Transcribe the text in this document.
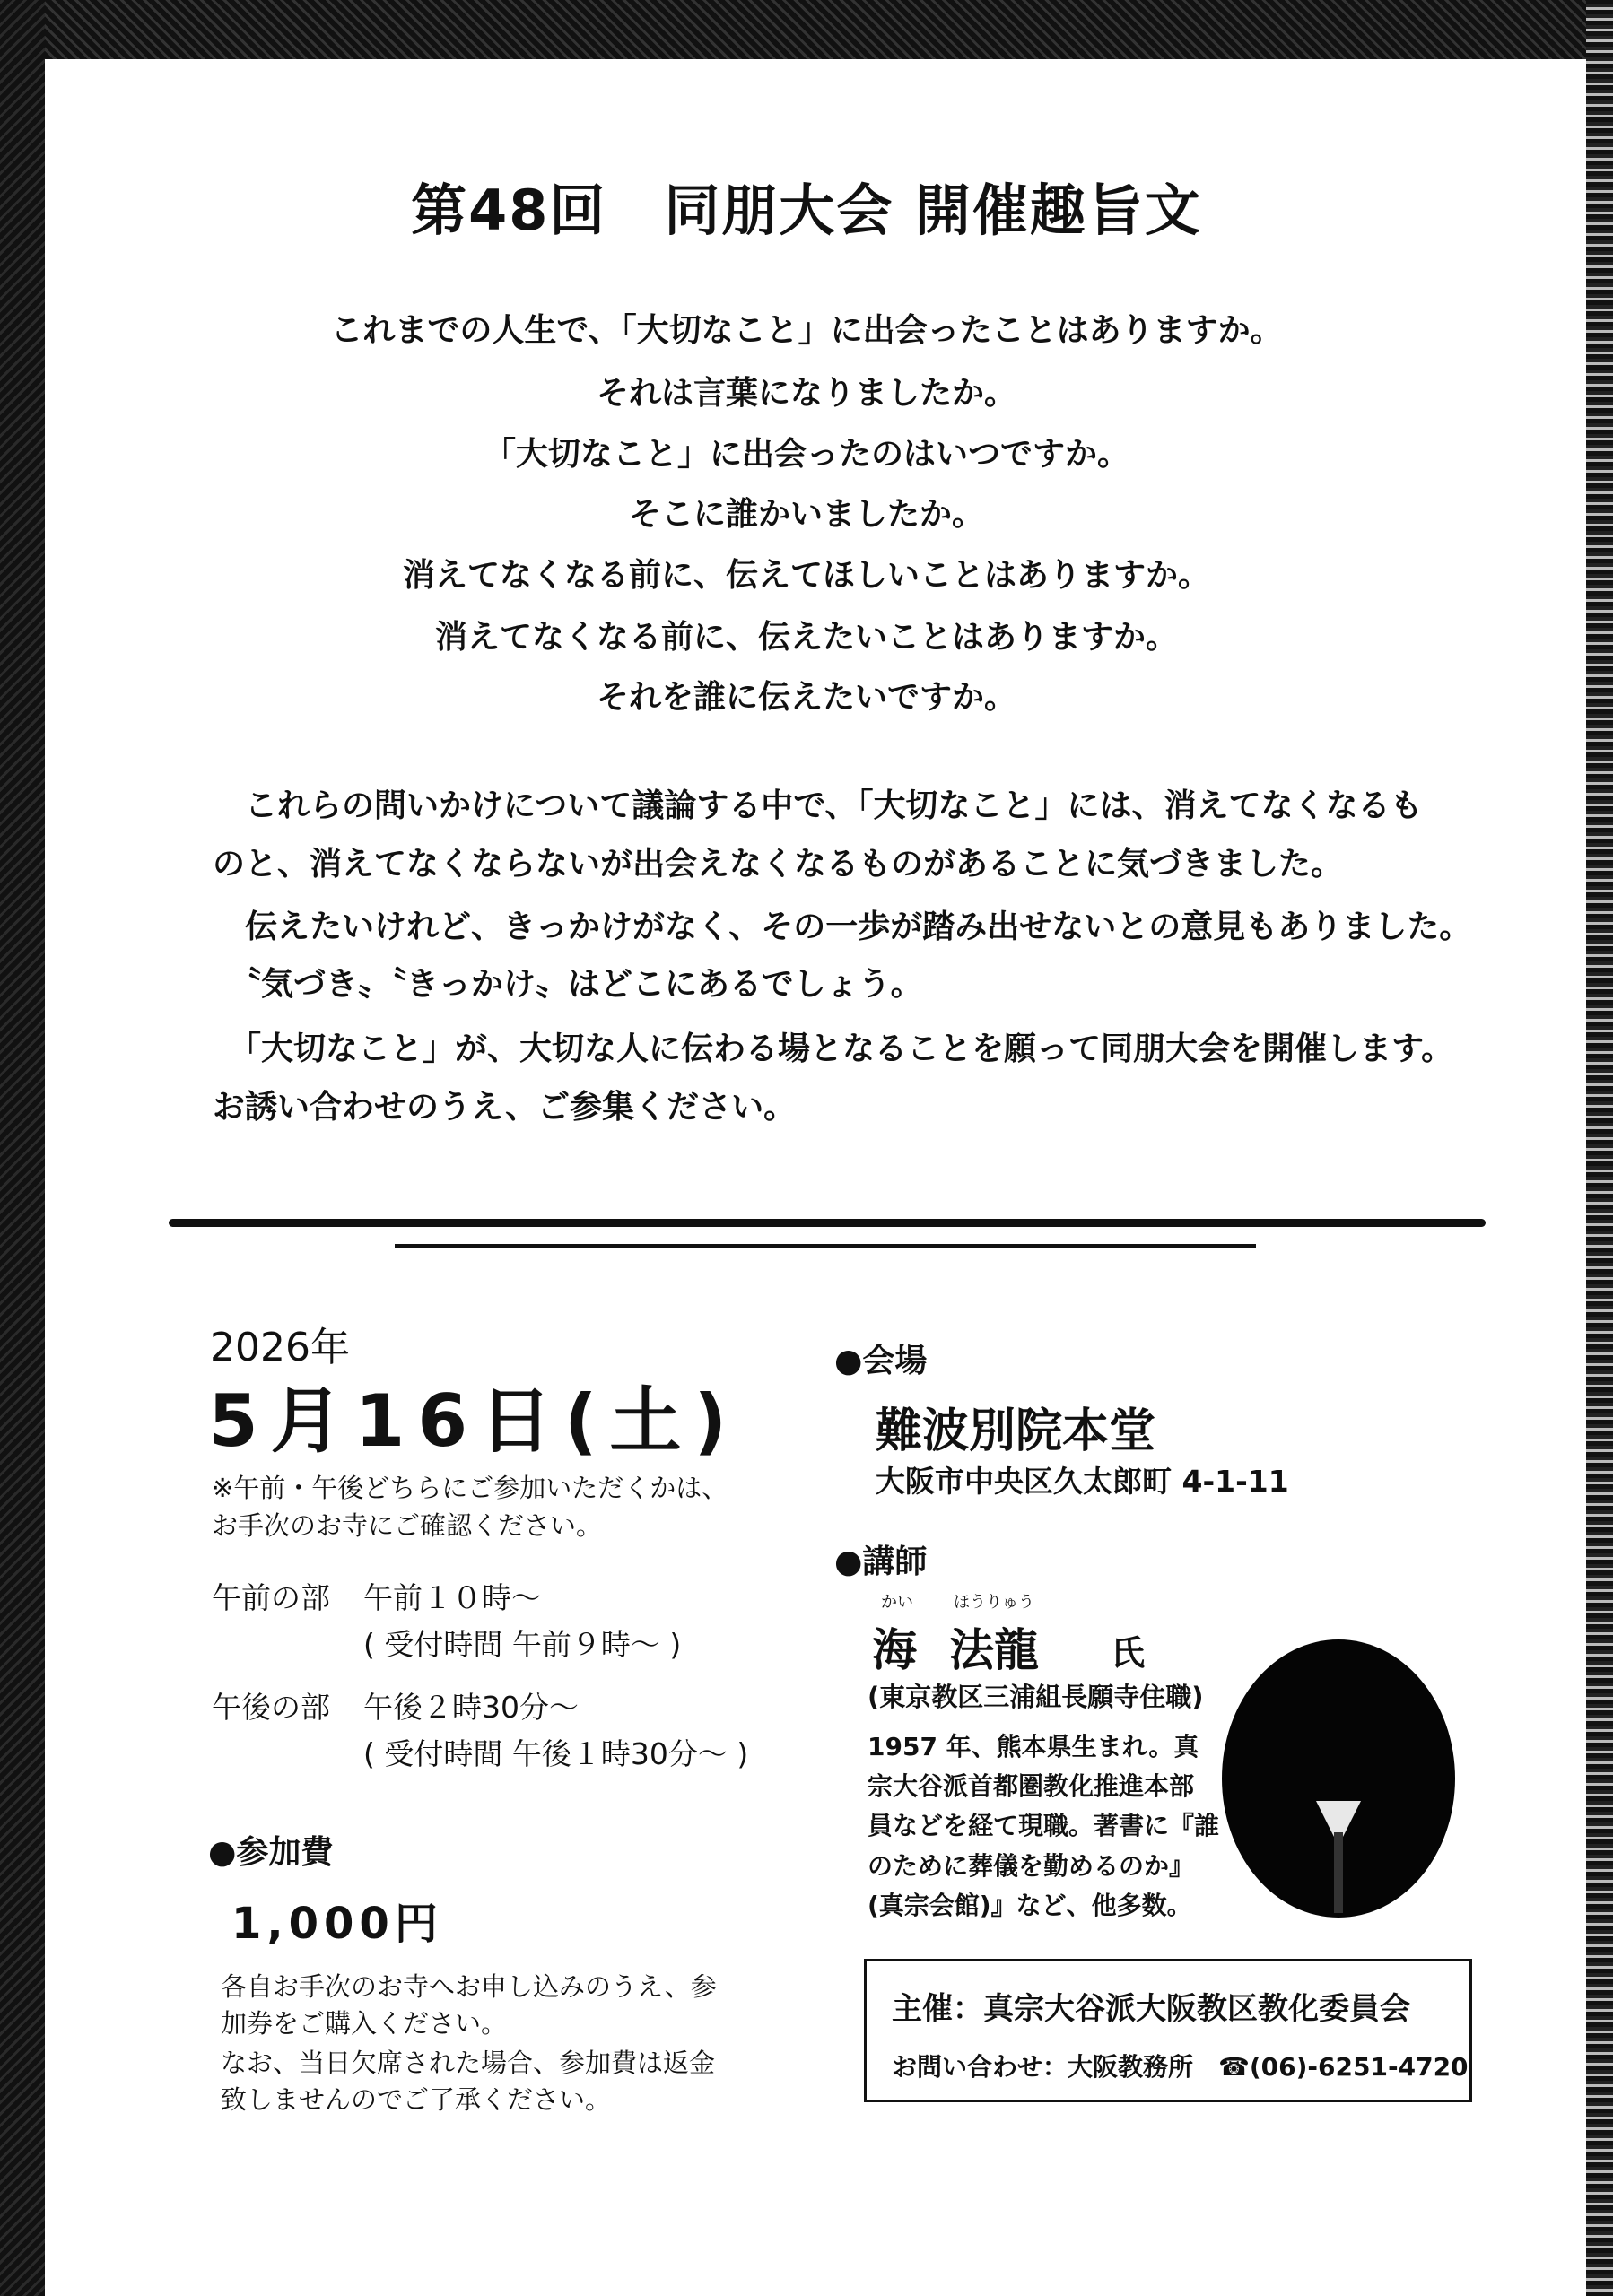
第48回　同朋大会 開催趣旨文
これまでの人生で、「大切なこと」に出会ったことはありますか。
それは言葉になりましたか。
「大切なこと」に出会ったのはいつですか。
そこに誰かいましたか。
消えてなくなる前に、伝えてほしいことはありますか。
消えてなくなる前に、伝えたいことはありますか。
それを誰に伝えたいですか。
　これらの問いかけについて議論する中で、「大切なこと」には、消えてなくなるも
のと、消えてなくならないが出会えなくなるものがあることに気づきました。
　伝えたいけれど、きっかけがなく、その一歩が踏み出せないとの意見もありました。
　〝気づき〟〝きっかけ〟はどこにあるでしょう。
　「大切なこと」が、大切な人に伝わる場となることを願って同朋大会を開催します。
お誘い合わせのうえ、ご参集ください。
2026年
5月16日(土)
※午前・午後どちらにご参加いただくかは、
お手次のお寺にご確認ください。
午前の部 午前１０時～
( 受付時間 午前９時～ )
午後の部 午後２時30分～
( 受付時間 午後１時30分～ )
●参加費
1,000円
各自お手次のお寺へお申し込みのうえ、参
加券をご購入ください。
なお、当日欠席された場合、参加費は返金
致しませんのでご了承ください。
●会場
難波別院本堂
大阪市中央区久太郎町 4-1-11
●講師
かい	ほうりゅう
海 法龍 氏
(東京教区三浦組長願寺住職)
1957 年、熊本県生まれ。真
宗大谷派首都圏教化推進本部
員などを経て現職。著書に『誰
のために葬儀を勤めるのか』
(真宗会館)』など、他多数。
主催：真宗大谷派大阪教区教化委員会
お問い合わせ：大阪教務所　☎(06)-6251-4720
